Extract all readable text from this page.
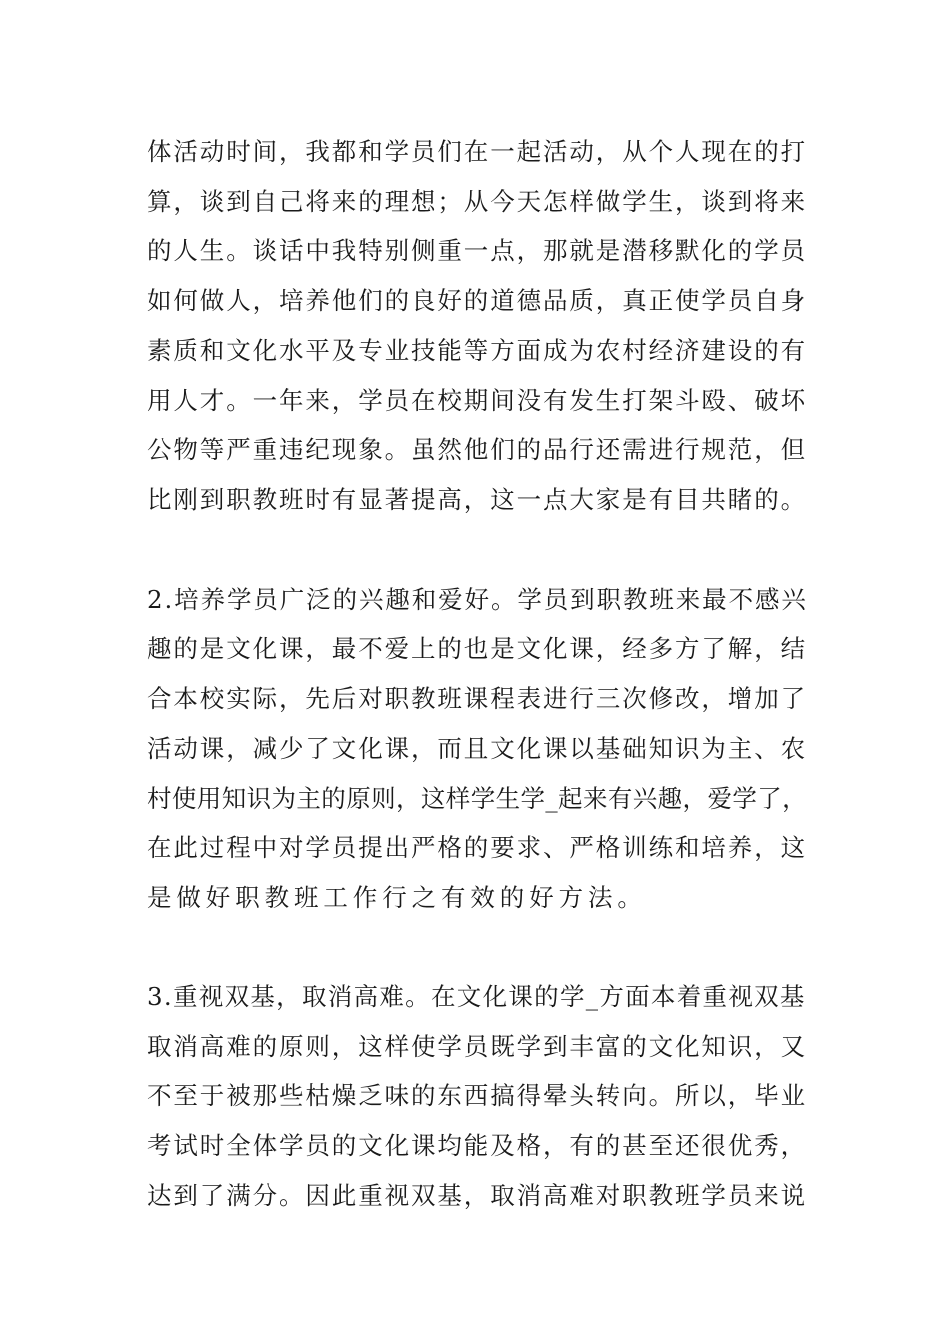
体活动时间，我都和学员们在一起活动，从个人现在的打
算，谈到自己将来的理想；从今天怎样做学生，谈到将来
的人生。谈话中我特别侧重一点，那就是潜移默化的学员
如何做人，培养他们的良好的道德品质，真正使学员自身
素质和文化水平及专业技能等方面成为农村经济建设的有
用人才。一年来，学员在校期间没有发生打架斗殴、破坏
公物等严重违纪现象。虽然他们的品行还需进行规范，但
比刚到职教班时有显著提高，这一点大家是有目共睹的。
2.培养学员广泛的兴趣和爱好。学员到职教班来最不感兴
趣的是文化课，最不爱上的也是文化课，经多方了解，结
合本校实际，先后对职教班课程表进行三次修改，增加了
活动课，减少了文化课，而且文化课以基础知识为主、农
村使用知识为主的原则，这样学生学_起来有兴趣，爱学了，
在此过程中对学员提出严格的要求、严格训练和培养，这
是做好职教班工作行之有效的好方法。
3.重视双基，取消高难。在文化课的学_方面本着重视双基
取消高难的原则，这样使学员既学到丰富的文化知识，又
不至于被那些枯燥乏味的东西搞得晕头转向。所以，毕业
考试时全体学员的文化课均能及格，有的甚至还很优秀，
达到了满分。因此重视双基，取消高难对职教班学员来说
